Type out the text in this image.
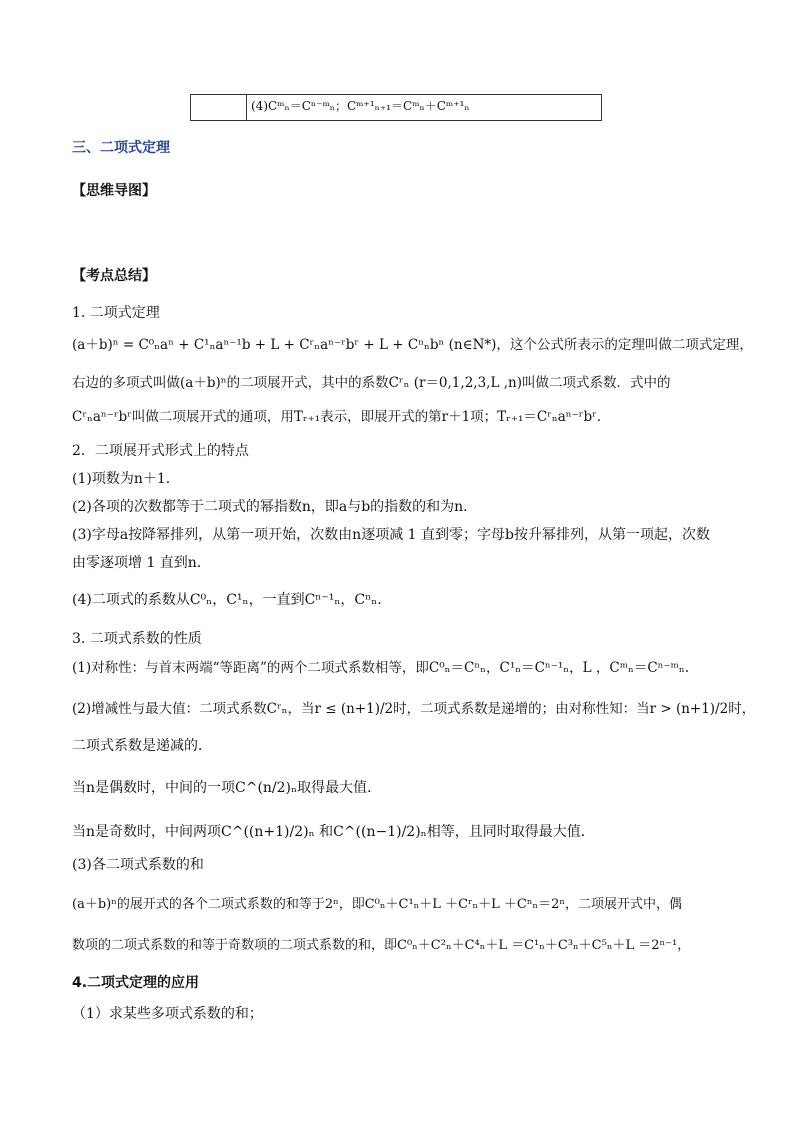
(4)Cᵐₙ＝Cⁿ⁻ᵐₙ；Cᵐ⁺¹ₙ₊₁＝Cᵐₙ＋Cᵐ⁺¹ₙ
三、二项式定理
【思维导图】
【考点总结】
1. 二项式定理
(a＋b)ⁿ = C⁰ₙaⁿ + C¹ₙaⁿ⁻¹b + L + Cʳₙaⁿ⁻ʳbʳ + L + Cⁿₙbⁿ (n∈N*)，这个公式所表示的定理叫做二项式定理，
右边的多项式叫做(a＋b)ⁿ的二项展开式，其中的系数Cʳₙ (r＝0,1,2,3,L ,n)叫做二项式系数．式中的
Cʳₙaⁿ⁻ʳbʳ叫做二项展开式的通项，用Tᵣ₊₁表示，即展开式的第r＋1项；Tᵣ₊₁＝Cʳₙaⁿ⁻ʳbʳ.
2．二项展开式形式上的特点
(1)项数为n＋1.
(2)各项的次数都等于二项式的幂指数n，即a与b的指数的和为n．
(3)字母a按降幂排列，从第一项开始，次数由n逐项减 1 直到零；字母b按升幂排列，从第一项起，次数
由零逐项增 1 直到n．
(4)二项式的系数从C⁰ₙ，C¹ₙ，一直到Cⁿ⁻¹ₙ，Cⁿₙ.
3. 二项式系数的性质
(1)对称性：与首末两端“等距离”的两个二项式系数相等，即C⁰ₙ＝Cⁿₙ，C¹ₙ＝Cⁿ⁻¹ₙ，L ，Cᵐₙ＝Cⁿ⁻ᵐₙ.
(2)增减性与最大值：二项式系数Cʳₙ，当r ≤ (n+1)/2时，二项式系数是递增的；由对称性知：当r > (n+1)/2时，
二项式系数是递减的．
当n是偶数时，中间的一项C^(n/2)ₙ取得最大值．
当n是奇数时，中间两项C^((n+1)/2)ₙ 和C^((n−1)/2)ₙ相等，且同时取得最大值．
(3)各二项式系数的和
(a＋b)ⁿ的展开式的各个二项式系数的和等于2ⁿ，即C⁰ₙ＋C¹ₙ＋L ＋Cʳₙ＋L ＋Cⁿₙ＝2ⁿ，二项展开式中，偶
数项的二项式系数的和等于奇数项的二项式系数的和，即C⁰ₙ＋C²ₙ＋C⁴ₙ＋L ＝C¹ₙ＋C³ₙ＋C⁵ₙ＋L ＝2ⁿ⁻¹，
4.二项式定理的应用
（1）求某些多项式系数的和；
